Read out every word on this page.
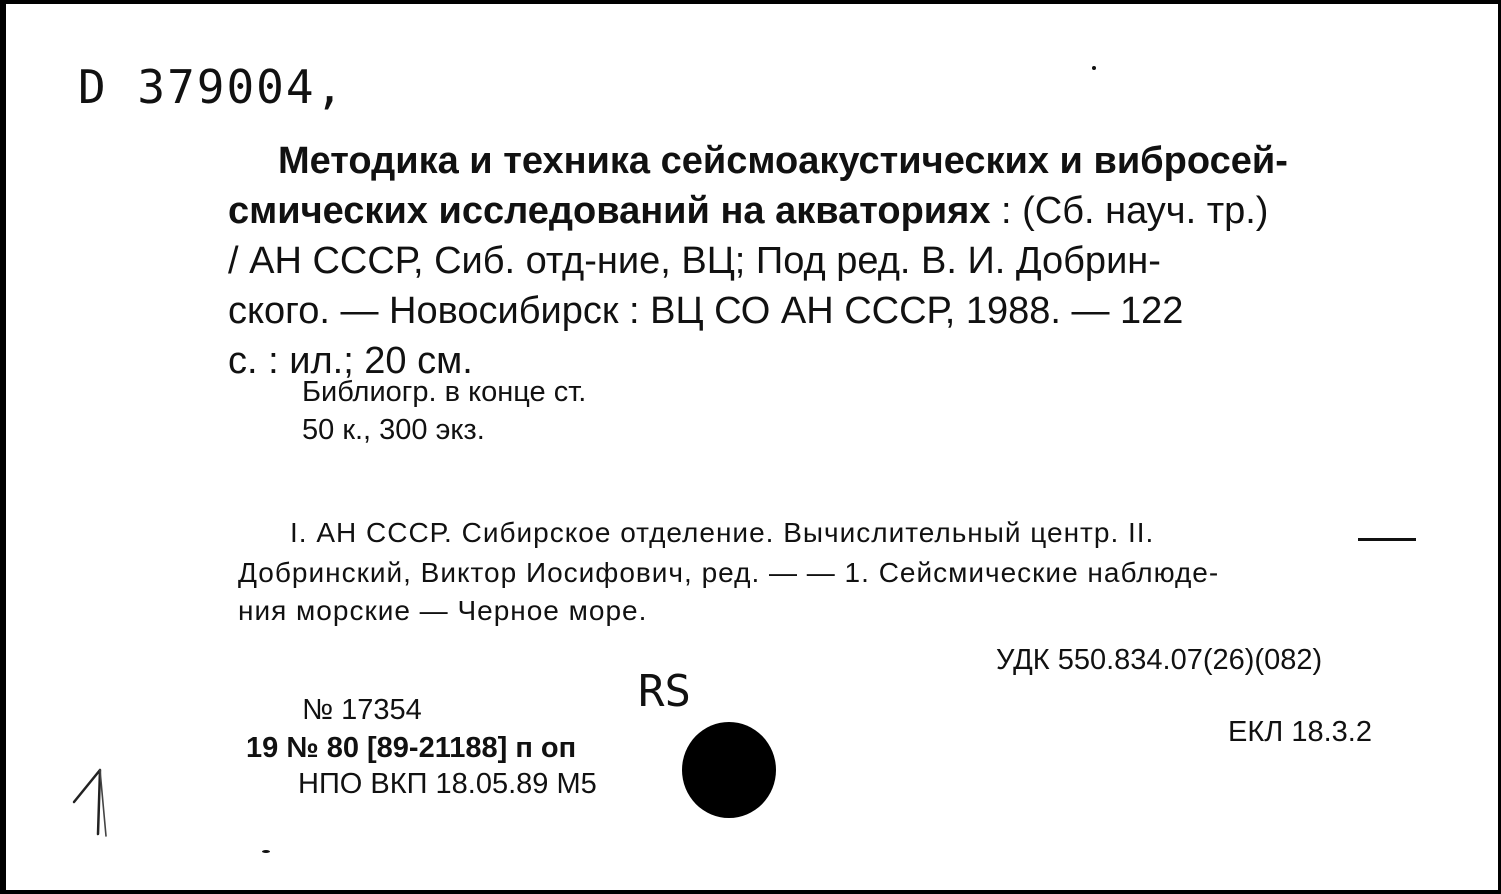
D 379004,
Методика и техника сейсмоакустических и вибросей-
смических исследований на акваториях : (Сб. науч. тр.)
/ АН СССР, Сиб. отд-ние, ВЦ; Под ред. В. И. Добрин-
ского. — Новосибирск : ВЦ СО АН СССР, 1988. — 122
с. : ил.; 20 см.
Библиогр. в конце ст.
50 к., 300 экз.
I. АН СССР. Сибирское отделение. Вычислительный центр. II.
Добринский, Виктор Иосифович, ред. — — 1. Сейсмические наблюде-
ния морские — Черное море.
УДК 550.834.07(26)(082)
ЕКЛ 18.3.2
RS
№ 17354
19 № 80 [89-21188] п оп
НПО ВКП 18.05.89 М5
